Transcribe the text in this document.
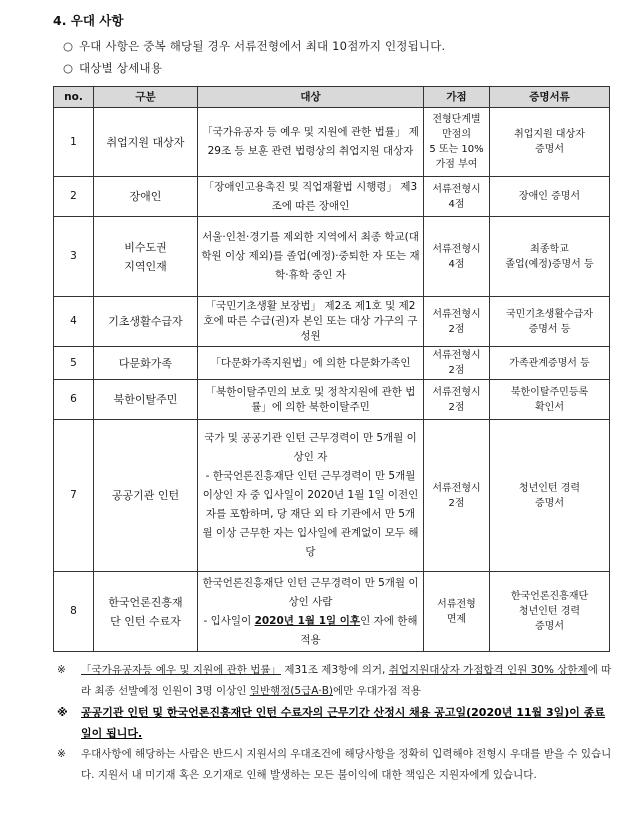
4. 우대 사항
○ 우대 사항은 중복 해당될 경우 서류전형에서 최대 10점까지 인정됩니다.
○ 대상별 상세내용
no.	구분	대상	가점	증명서류
1	취업지원 대상자	「국가유공자 등 예우 및 지원에 관한 법률」 제29조 등 보훈 관련 법령상의 취업지원 대상자	전형단계별
만점의
5 또는 10%
가점 부여	취업지원 대상자
증명서
2	장애인	「장애인고용촉진 및 직업재활법 시행령」 제3조에 따른 장애인	서류전형시
4점	장애인 증명서
3	비수도권
지역인재	서울·인천·경기를 제외한 지역에서 최종 학교(대학원 이상 제외)를 졸업(예정)·중퇴한 자 또는 재학·휴학 중인 자	서류전형시
4점	최종학교
졸업(예정)증명서 등
4	기초생활수급자	「국민기초생활 보장법」 제2조 제1호 및 제2호에 따른 수급(권)자 본인 또는 대상 가구의 구성원	서류전형시
2점	국민기초생활수급자
증명서 등
5	다문화가족	「다문화가족지원법」에 의한 다문화가족인	서류전형시
2점	가족관계증명서 등
6	북한이탈주민	「북한이탈주민의 보호 및 정착지원에 관한 법률」에 의한 북한이탈주민	서류전형시
2점	북한이탈주민등록
확인서
7	공공기관 인턴	국가 및 공공기관 인턴 근무경력이 만 5개월 이상인 자
- 한국언론진흥재단 인턴 근무경력이 만 5개월 이상인 자 중 입사일이 2020년 1월 1일 이전인 자를 포함하며, 당 재단 외 타 기관에서 만 5개월 이상 근무한 자는 입사일에 관계없이 모두 해당	서류전형시
2점	청년인턴 경력
증명서
8	한국언론진흥재
단 인턴 수료자	한국언론진흥재단 인턴 근무경력이 만 5개월 이상인 사람
- 입사일이 2020년 1월 1일 이후인 자에 한해 적용	서류전형
면제	한국언론진흥재단
청년인턴 경력
증명서

※ 「국가유공자등 예우 및 지원에 관한 법률」 제31조 제3항에 의거, 취업지원대상자 가점합격 인원 30% 상한제에 따라 최종 선발예정 인원이 3명 이상인 일반행정(5급A·B)에만 우대가점 적용

※ 공공기관 인턴 및 한국언론진흥재단 인턴 수료자의 근무기간 산정시 채용 공고일(2020년 11월 3일)이 종료일이 됩니다.

※ 우대사항에 해당하는 사람은 반드시 지원서의 우대조건에 해당사항을 정확히 입력해야 전형시 우대를 받을 수 있습니다. 지원서 내 미기재 혹은 오기재로 인해 발생하는 모든 불이익에 대한 책임은 지원자에게 있습니다.
